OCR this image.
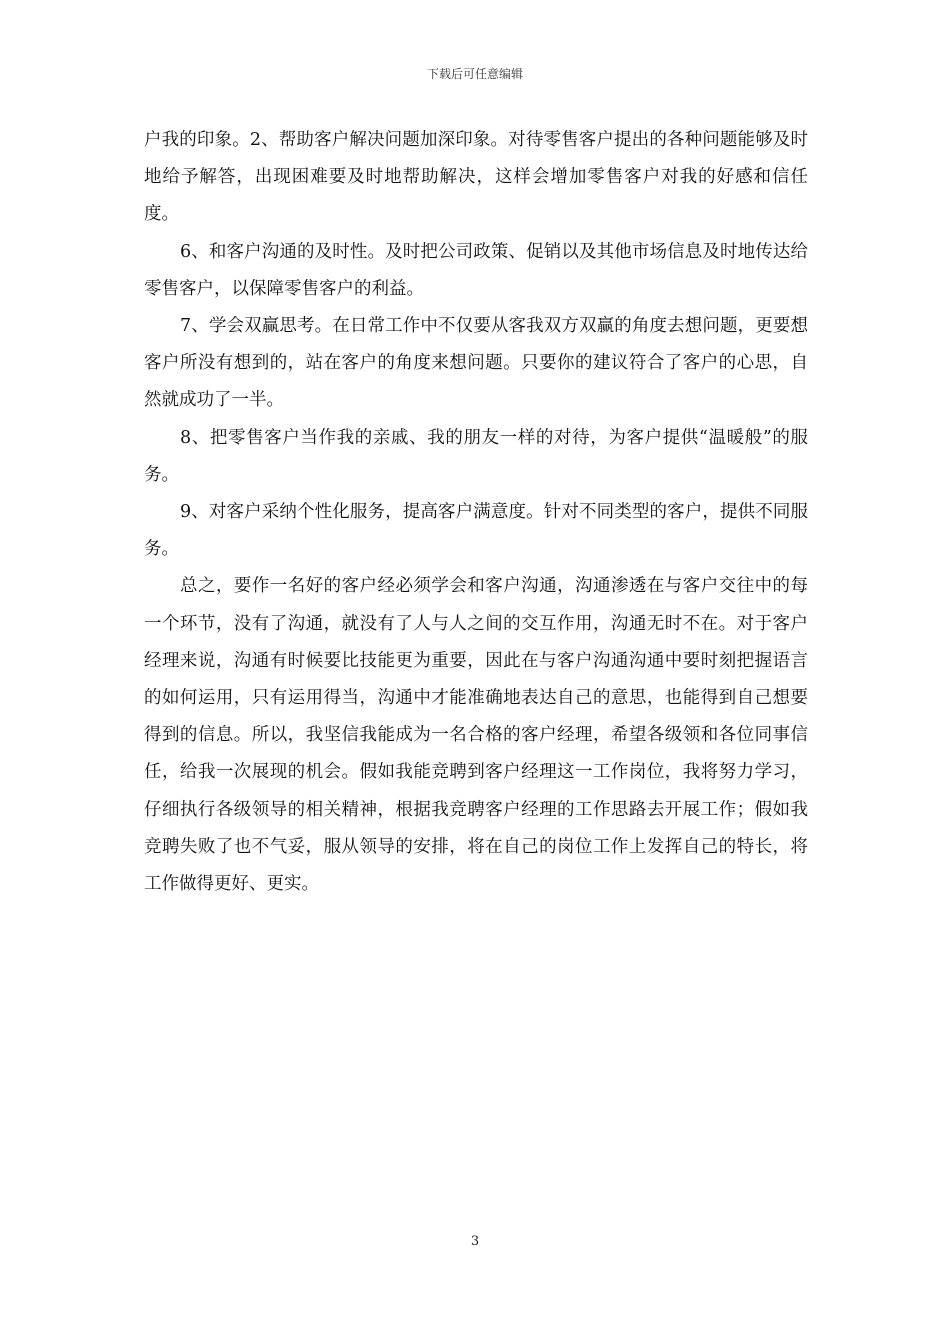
下载后可任意编辑

户我的印象。2、帮助客户解决问题加深印象。对待零售客户提出的各种问题能够及时地给予解答，出现困难要及时地帮助解决，这样会增加零售客户对我的好感和信任度。

6、和客户沟通的及时性。及时把公司政策、促销以及其他市场信息及时地传达给零售客户，以保障零售客户的利益。

7、学会双赢思考。在日常工作中不仅要从客我双方双赢的角度去想问题，更要想客户所没有想到的，站在客户的角度来想问题。只要你的建议符合了客户的心思，自然就成功了一半。

8、把零售客户当作我的亲戚、我的朋友一样的对待，为客户提供“温暖般”的服务。

9、对客户采纳个性化服务，提高客户满意度。针对不同类型的客户，提供不同服务。

总之，要作一名好的客户经必须学会和客户沟通，沟通渗透在与客户交往中的每一个环节，没有了沟通，就没有了人与人之间的交互作用，沟通无时不在。对于客户经理来说，沟通有时候要比技能更为重要，因此在与客户沟通沟通中要时刻把握语言的如何运用，只有运用得当，沟通中才能准确地表达自己的意思，也能得到自己想要得到的信息。所以，我坚信我能成为一名合格的客户经理，希望各级领和各位同事信任，给我一次展现的机会。假如我能竞聘到客户经理这一工作岗位，我将努力学习，仔细执行各级领导的相关精神，根据我竞聘客户经理的工作思路去开展工作；假如我竞聘失败了也不气妥，服从领导的安排，将在自己的岗位工作上发挥自己的特长，将工作做得更好、更实。

3
